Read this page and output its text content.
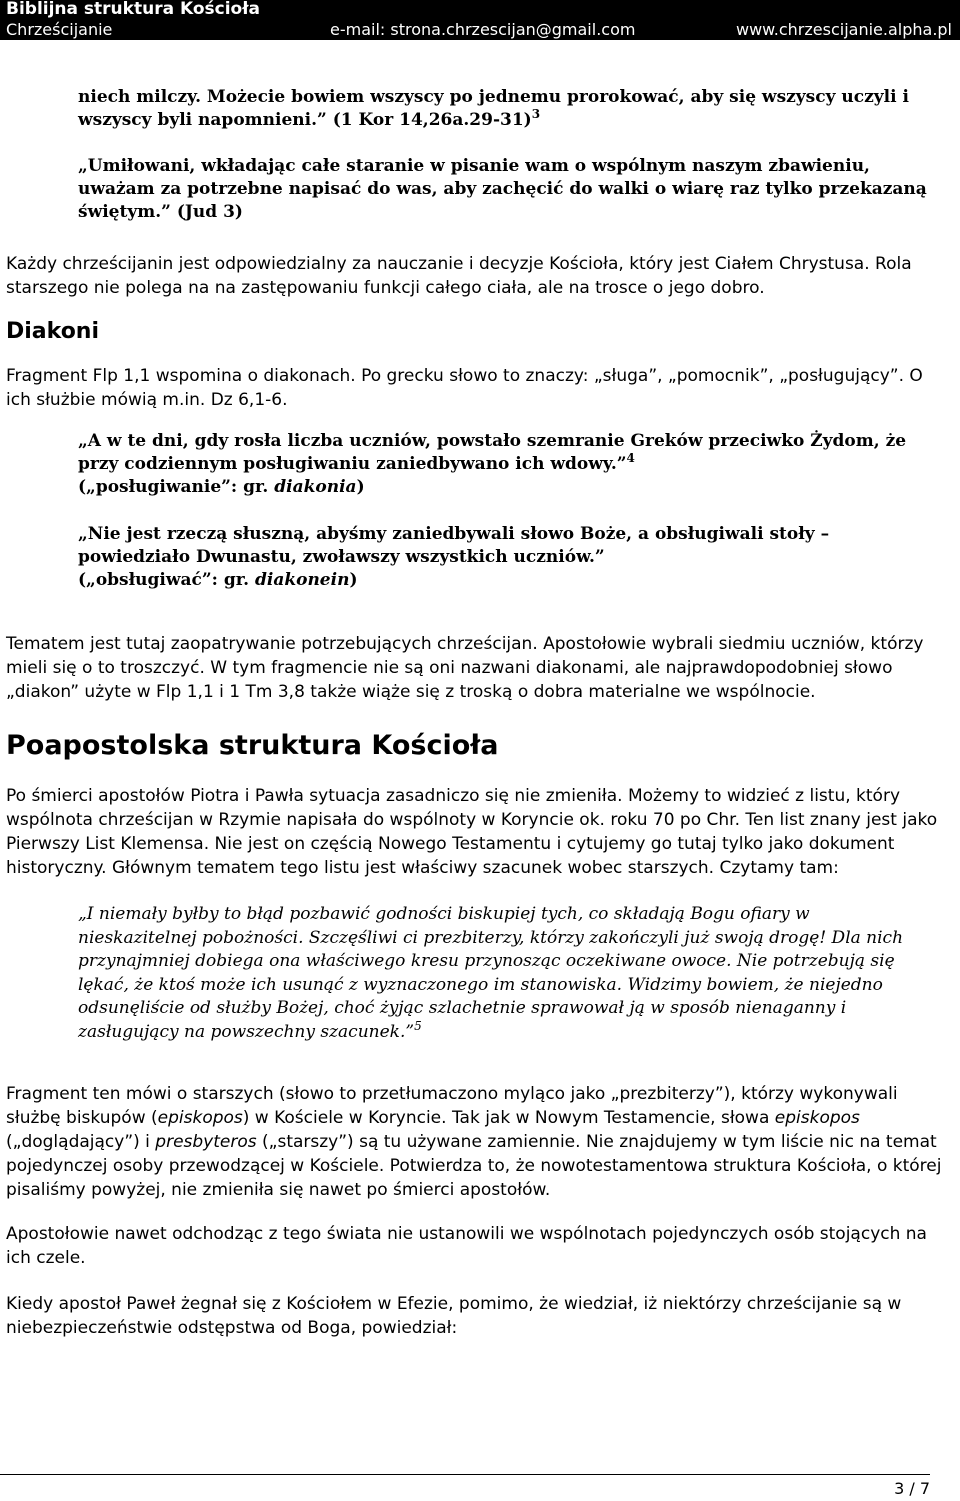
Biblijna struktura Kościoła
Chrześcijanie	e-mail: strona.chrzescijan@gmail.com	www.chrzescijanie.alpha.pl

niech milczy. Możecie bowiem wszyscy po jednemu prorokować, aby się wszyscy uczyli i wszyscy byli napomnieni.” (1 Kor 14,26a.29-31)$^3$

„Umiłowani, wkładając całe staranie w pisanie wam o wspólnym naszym zbawieniu, uważam za potrzebne napisać do was, aby zachęcić do walki o wiarę raz tylko przekazaną świętym.” (Jud 3)

Każdy chrześcijanin jest odpowiedzialny za nauczanie i decyzje Kościoła, który jest Ciałem Chrystusa. Rola starszego nie polega na na zastępowaniu funkcji całego ciała, ale na trosce o jego dobro.

Diakoni

Fragment Flp 1,1 wspomina o diakonach. Po grecku słowo to znaczy: „sługa”, „pomocnik”, „posługujący”. O ich służbie mówią m.in. Dz 6,1-6.

„A w te dni, gdy rosła liczba uczniów, powstało szemranie Greków przeciwko Żydom, że przy codziennym posługiwaniu zaniedbywano ich wdowy.”$^4$

(„posługiwanie”: gr. diakonia)

„Nie jest rzeczą słuszną, abyśmy zaniedbywali słowo Boże, a obsługiwali stoły – powiedziało Dwunastu, zwoławszy wszystkich uczniów.”

(„obsługiwać”: gr. diakonein)

Tematem jest tutaj zaopatrywanie potrzebujących chrześcijan. Apostołowie wybrali siedmiu uczniów, którzy mieli się o to troszczyć. W tym fragmencie nie są oni nazwani diakonami, ale najprawdopodobniej słowo „diakon” użyte w Flp 1,1 i 1 Tm 3,8 także wiąże się z troską o dobra materialne we wspólnocie.

Poapostolska struktura Kościoła

Po śmierci apostołów Piotra i Pawła sytuacja zasadniczo się nie zmieniła. Możemy to widzieć z listu, który wspólnota chrześcijan w Rzymie napisała do wspólnoty w Koryncie ok. roku 70 po Chr. Ten list znany jest jako Pierwszy List Klemensa. Nie jest on częścią Nowego Testamentu i cytujemy go tutaj tylko jako dokument historyczny. Głównym tematem tego listu jest właściwy szacunek wobec starszych. Czytamy tam:

„I niemały byłby to błąd pozbawić godności biskupiej tych, co składają Bogu ofiary w nieskazitelnej pobożności. Szczęśliwi ci prezbiterzy, którzy zakończyli już swoją drogę! Dla nich przynajmniej dobiega ona właściwego kresu przynosząc oczekiwane owoce. Nie potrzebują się lękać, że ktoś może ich usunąć z wyznaczonego im stanowiska. Widzimy bowiem, że niejedno odsunęliście od służby Bożej, choć żyjąc szlachetnie sprawował ją w sposób nienaganny i zasługujący na powszechny szacunek.”$^5$

Fragment ten mówi o starszych (słowo to przetłumaczono myląco jako „prezbiterzy”), którzy wykonywali służbę biskupów (episkopos) w Kościele w Koryncie. Tak jak w Nowym Testamencie, słowa episkopos („doglądający”) i presbyteros („starszy”) są tu używane zamiennie. Nie znajdujemy w tym liście nic na temat pojedynczej osoby przewodzącej w Kościele. Potwierdza to, że nowotestamentowa struktura Kościoła, o której pisaliśmy powyżej, nie zmieniła się nawet po śmierci apostołów.

Apostołowie nawet odchodząc z tego świata nie ustanowili we wspólnotach pojedynczych osób stojących na ich czele.

Kiedy apostoł Paweł żegnał się z Kościołem w Efezie, pomimo, że wiedział, iż niektórzy chrześcijanie są w niebezpieczeństwie odstępstwa od Boga, powiedział:

3 / 7
